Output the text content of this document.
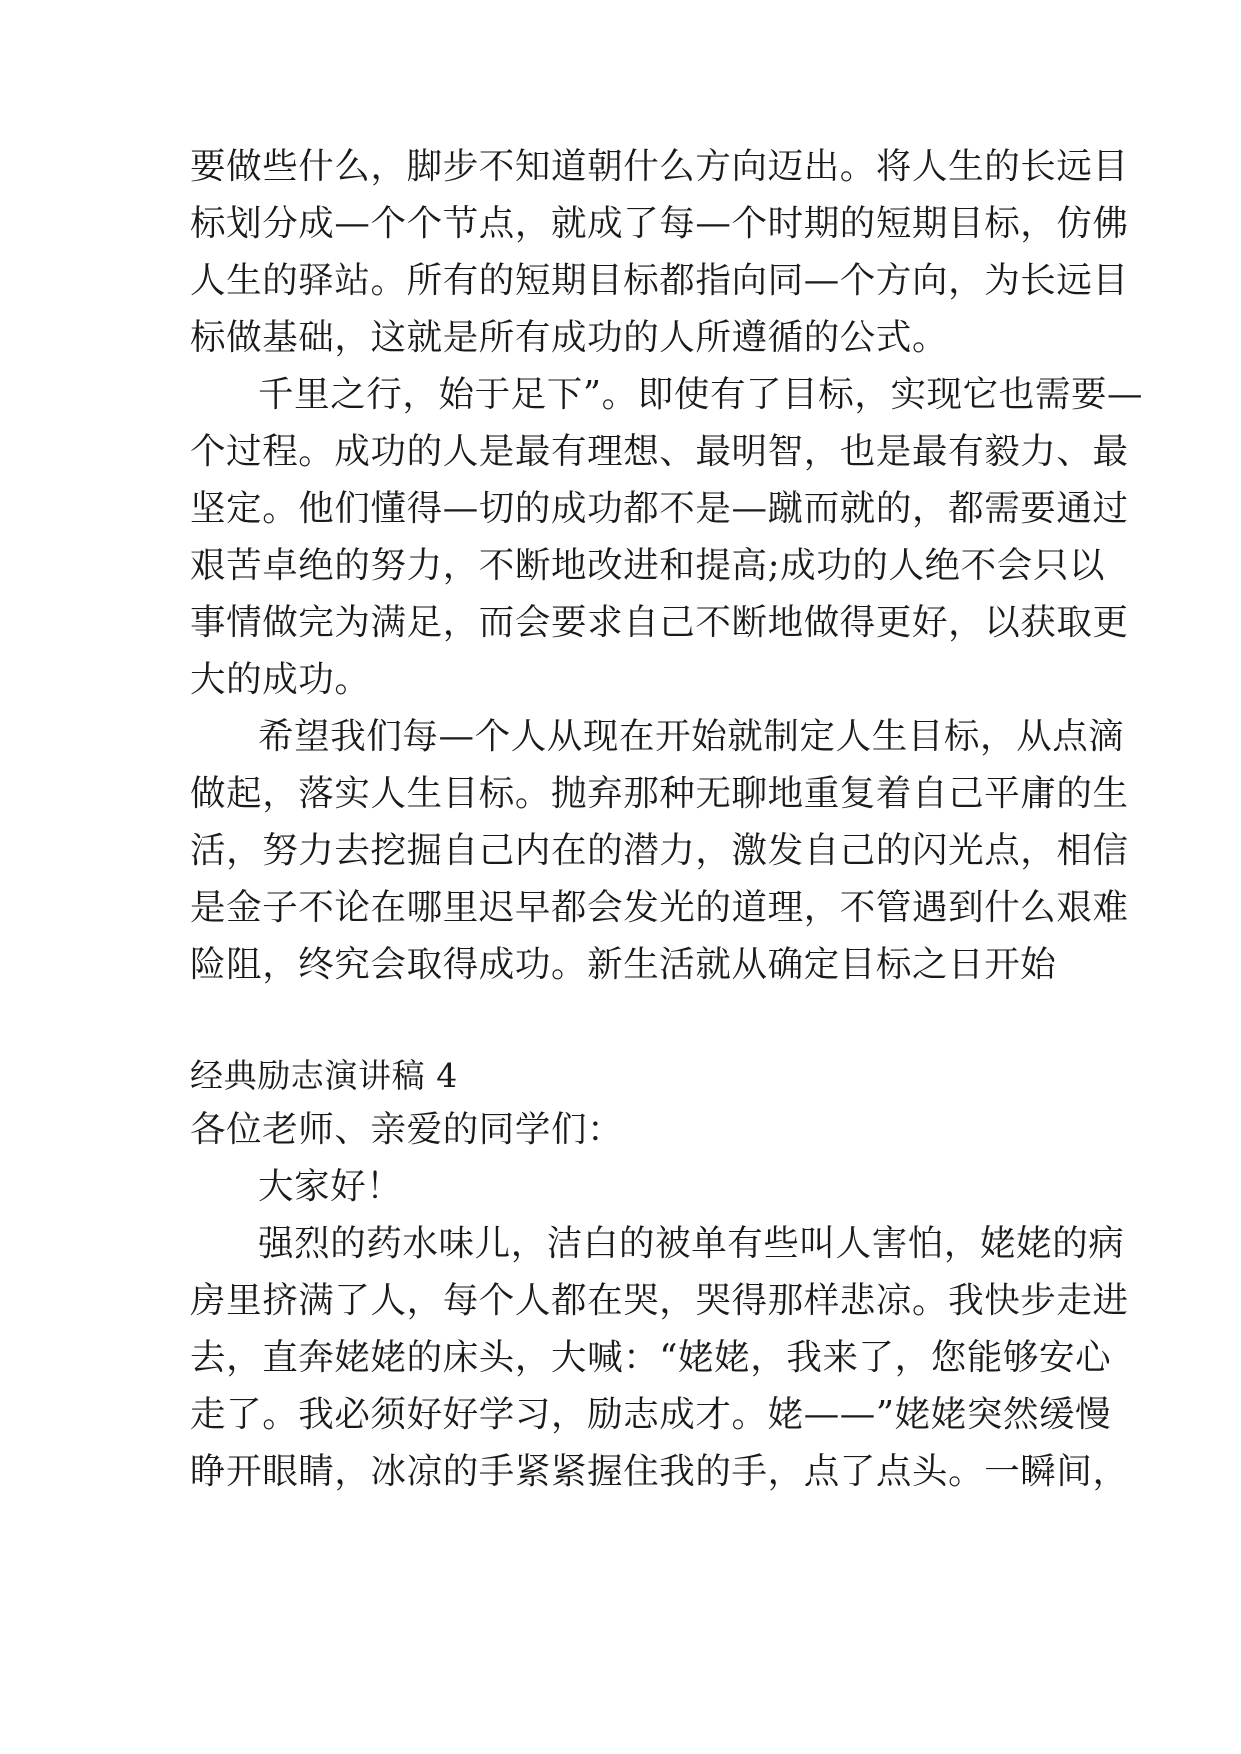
要做些什么，脚步不知道朝什么方向迈出。将人生的长远目
标划分成—个个节点，就成了每—个时期的短期目标，仿佛
人生的驿站。所有的短期目标都指向同—个方向，为长远目
标做基础，这就是所有成功的人所遵循的公式。
千里之行，始于足下”。即使有了目标，实现它也需要—
个过程。成功的人是最有理想、最明智，也是最有毅力、最
坚定。他们懂得—切的成功都不是—蹴而就的，都需要通过
艰苦卓绝的努力，不断地改进和提高;成功的人绝不会只以
事情做完为满足，而会要求自己不断地做得更好，以获取更
大的成功。
希望我们每—个人从现在开始就制定人生目标，从点滴
做起，落实人生目标。抛弃那种无聊地重复着自己平庸的生
活，努力去挖掘自己内在的潜力，激发自己的闪光点，相信
是金子不论在哪里迟早都会发光的道理，不管遇到什么艰难
险阻，终究会取得成功。新生活就从确定目标之日开始
经典励志演讲稿 4
各位老师、亲爱的同学们：
大家好！
强烈的药水味儿，洁白的被单有些叫人害怕，姥姥的病
房里挤满了人，每个人都在哭，哭得那样悲凉。我快步走进
去，直奔姥姥的床头，大喊：“姥姥，我来了，您能够安心
走了。我必须好好学习，励志成才。姥——”姥姥突然缓慢
睁开眼睛，冰凉的手紧紧握住我的手，点了点头。一瞬间，
